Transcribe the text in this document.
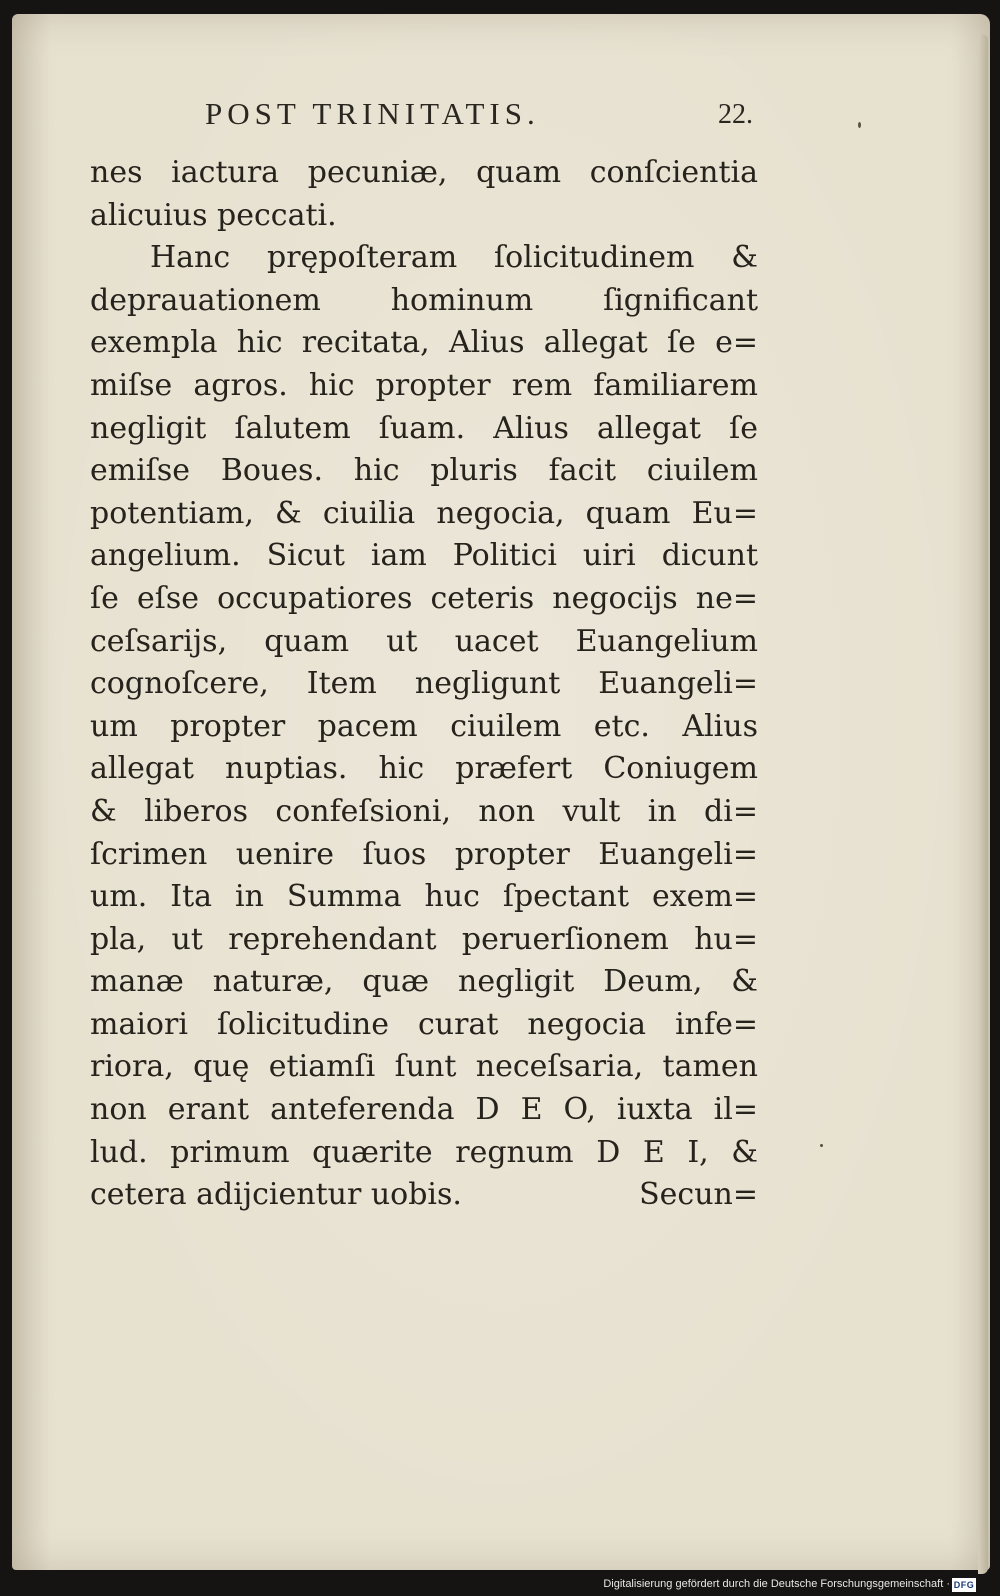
POST TRINITATIS.	22.
nes iactura pecuniæ, quam conſcientia
alicuius peccati.
Hanc prępoſteram ſolicitudinem &
deprauationem hominum ſignificant
exempla hic recitata, Alius allegat ſe e=
miſse agros. hic propter rem familiarem
negligit ſalutem ſuam. Alius allegat ſe
emiſse Boues. hic pluris facit ciuilem
potentiam, & ciuilia negocia, quam Eu=
angelium. Sicut iam Politici uiri dicunt
ſe eſse occupatiores ceteris negocijs ne=
ceſsarijs, quam ut uacet Euangelium
cognoſcere, Item negligunt Euangeli=
um propter pacem ciuilem etc. Alius
allegat nuptias. hic præfert Coniugem
& liberos confeſsioni, non vult in di=
ſcrimen uenire ſuos propter Euangeli=
um. Ita in Summa huc ſpectant exem=
pla, ut reprehendant peruerſionem hu=
manæ naturæ, quæ negligit Deum, &
maiori ſolicitudine curat negocia infe=
riora, quę etiamſi ſunt neceſsaria, tamen
non erant anteferenda D E O, iuxta il=
lud. primum quærite regnum D E I, &
cetera adijcientur uobis.	Secun=
Digitalisierung gefördert durch die Deutsche Forschungsgemeinschaft · DFG
